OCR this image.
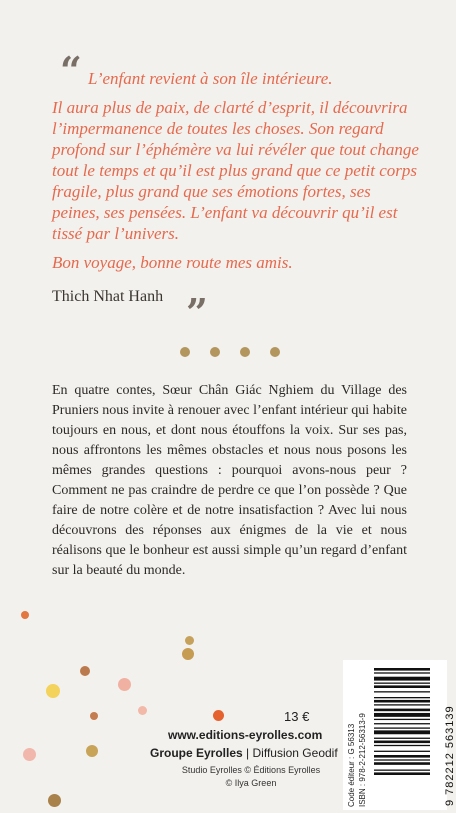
“ L’enfant revient à son île intérieure.

Il aura plus de paix, de clarté d’esprit, il découvrira l’impermanence de toutes les choses. Son regard profond sur l’éphémère va lui révéler que tout change tout le temps et qu’il est plus grand que ce petit corps fragile, plus grand que ses émotions fortes, ses peines, ses pensées. L’enfant va découvrir qu’il est tissé par l’univers.

Bon voyage, bonne route mes amis.

Thich Nhat Hanh ”
En quatre contes, Sœur Chân Giác Nghiem du Village des Pruniers nous invite à renouer avec l’enfant intérieur qui habite toujours en nous, et dont nous étouffons la voix. Sur ses pas, nous affrontons les mêmes obstacles et nous nous posons les mêmes grandes questions : pourquoi avons-nous peur ? Comment ne pas craindre de perdre ce que l’on possède ? Que faire de notre colère et de notre insatisfaction ? Avec lui nous découvrons des réponses aux énigmes de la vie et nous réalisons que le bonheur est aussi simple qu’un regard d’enfant sur la beauté du monde.
13 €
www.editions-eyrolles.com
Groupe Eyrolles | Diffusion Geodif
Studio Eyrolles © Éditions Eyrolles
© Ilya Green	Code éditeur : G 56313 ISBN : 978-2-212-56313-9	9 782212 563139
